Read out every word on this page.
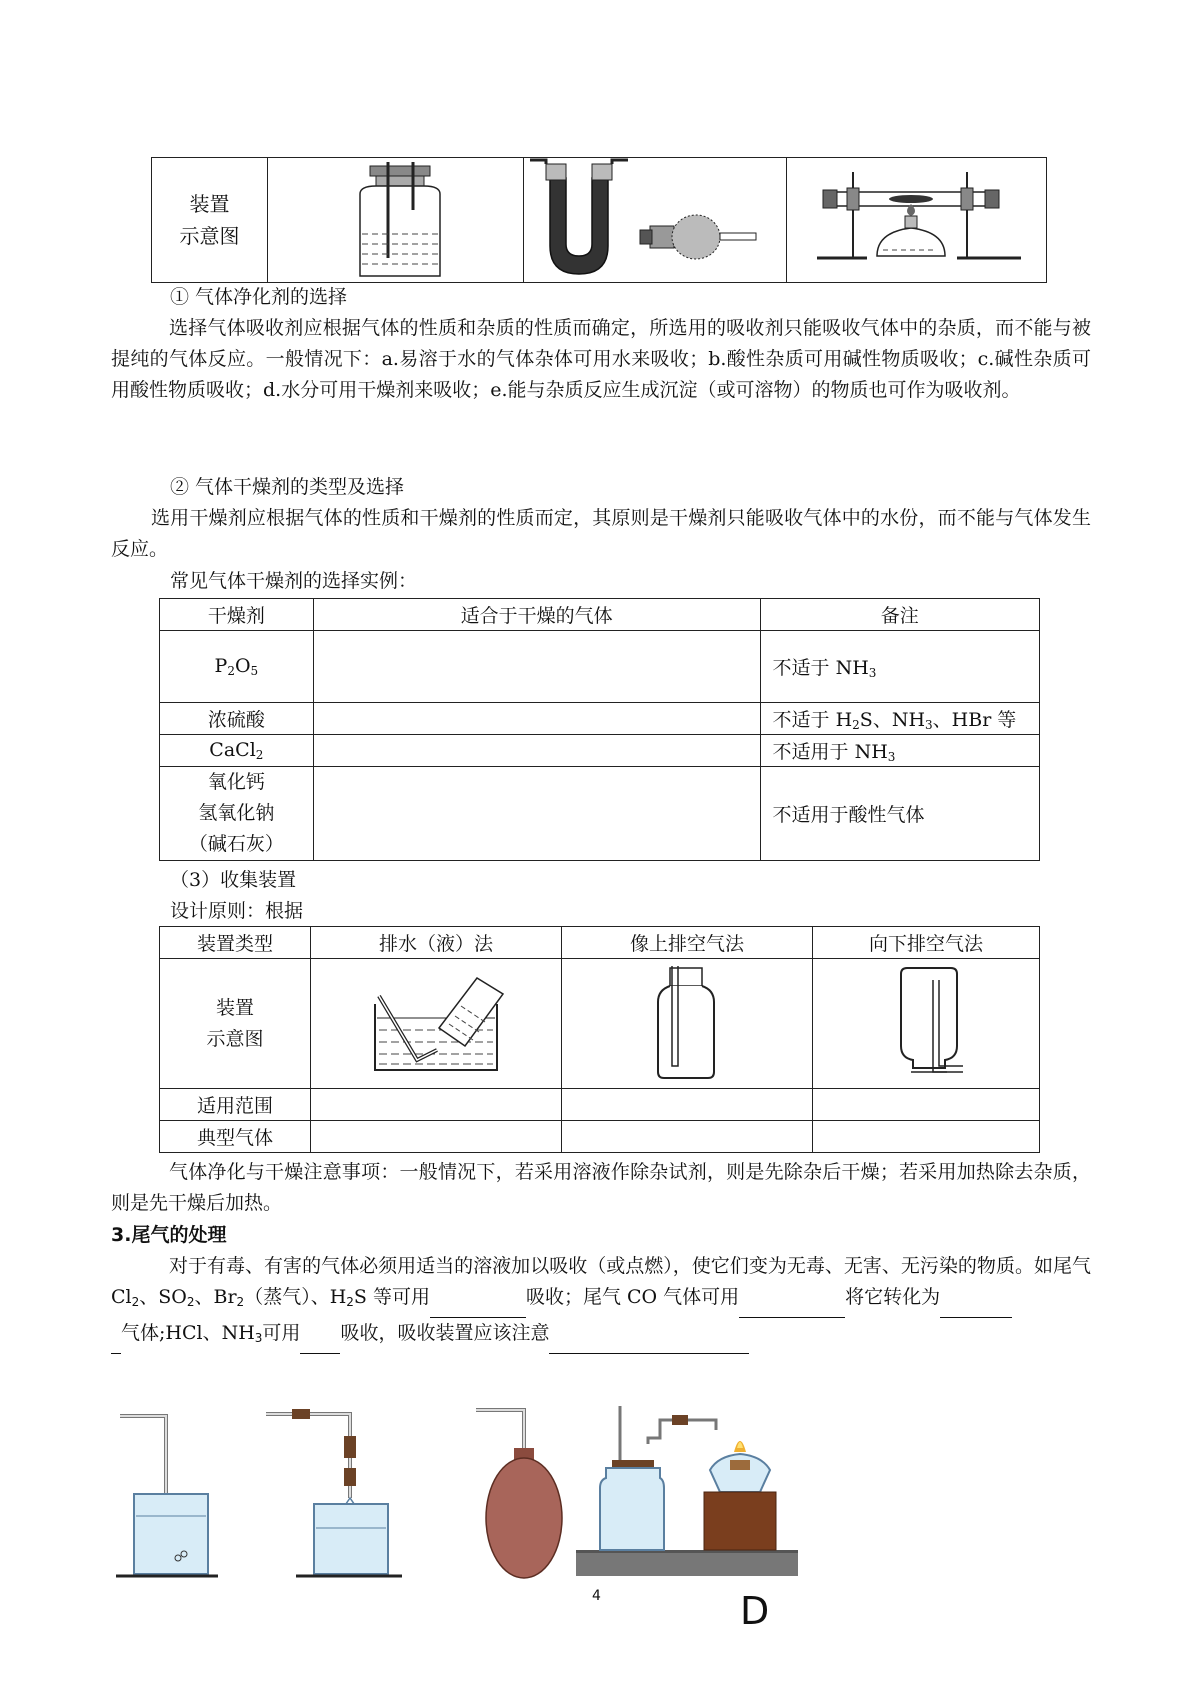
装置
示意图	

① 气体净化剂的选择
选择气体吸收剂应根据气体的性质和杂质的性质而确定，所选用的吸收剂只能吸收气体中的杂质，而不能与被提纯的气体反应。一般情况下：a.易溶于水的气体杂体可用水来吸收；b.酸性杂质可用碱性物质吸收；c.碱性杂质可用酸性物质吸收；d.水分可用干燥剂来吸收；e.能与杂质反应生成沉淀（或可溶物）的物质也可作为吸收剂。
② 气体干燥剂的类型及选择
选用干燥剂应根据气体的性质和干燥剂的性质而定，其原则是干燥剂只能吸收气体中的水份，而不能与气体发生反应。
常见气体干燥剂的选择实例：
干燥剂	适合于干燥的气体	备注
$P_2O_5$		不适于 $NH_3$
浓硫酸		不适于 $H_2S$、$NH_3$、HBr 等
CaCl$_2$		不适用于 $NH_3$
氧化钙
氢氧化钠
（碱石灰）		不适用于酸性气体
（3）收集装置
设计原则：根据
装置类型	排水（液）法	像上排空气法	向下排空气法
装置
示意图	

适用范围			
典型气体			
气体净化与干燥注意事项：一般情况下，若采用溶液作除杂试剂，则是先除杂后干燥；若采用加热除去杂质，则是先干燥后加热。
3.尾气的处理
对于有毒、有害的气体必须用适当的溶液加以吸收（或点燃），使它们变为无毒、无害、无污染的物质。如尾气 $Cl_2$、$SO_2$、$Br_2$（蒸气）、$H_2S$ 等可用	吸收；尾气 CO 气体可用	将它转化为
气体;HCl、$NH_3$可用 吸收，吸收装置应该注意
4	D
